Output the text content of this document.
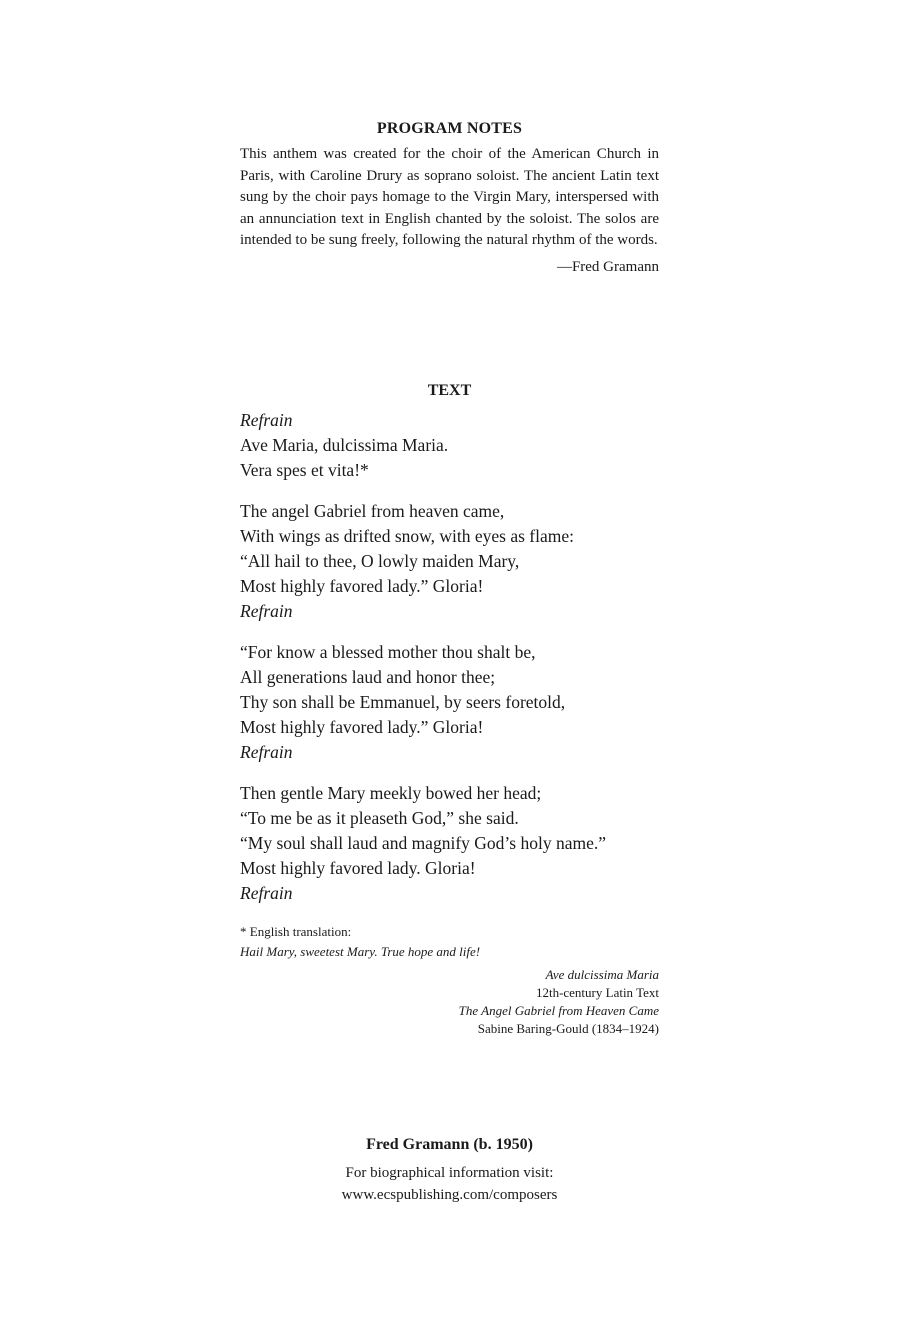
PROGRAM NOTES

This anthem was created for the choir of the American Church in Paris, with Caroline Drury as soprano soloist. The ancient Latin text sung by the choir pays homage to the Virgin Mary, interspersed with an annunciation text in English chanted by the soloist. The solos are intended to be sung freely, following the natural rhythm of the words.

—Fred Gramann
TEXT
Refrain
Ave Maria, dulcissima Maria.
Vera spes et vita!*
The angel Gabriel from heaven came,
With wings as drifted snow, with eyes as flame:
“All hail to thee, O lowly maiden Mary,
Most highly favored lady.” Gloria!
Refrain
“For know a blessed mother thou shalt be,
All generations laud and honor thee;
Thy son shall be Emmanuel, by seers foretold,
Most highly favored lady.” Gloria!
Refrain
Then gentle Mary meekly bowed her head;
“To me be as it pleaseth God,” she said.
“My soul shall laud and magnify God’s holy name.”
Most highly favored lady. Gloria!
Refrain
* English translation:
Hail Mary, sweetest Mary. True hope and life!
Ave dulcissima Maria
12th-century Latin Text
The Angel Gabriel from Heaven Came
Sabine Baring-Gould (1834–1924)
Fred Gramann (b. 1950)
For biographical information visit:
www.ecspublishing.com/composers
